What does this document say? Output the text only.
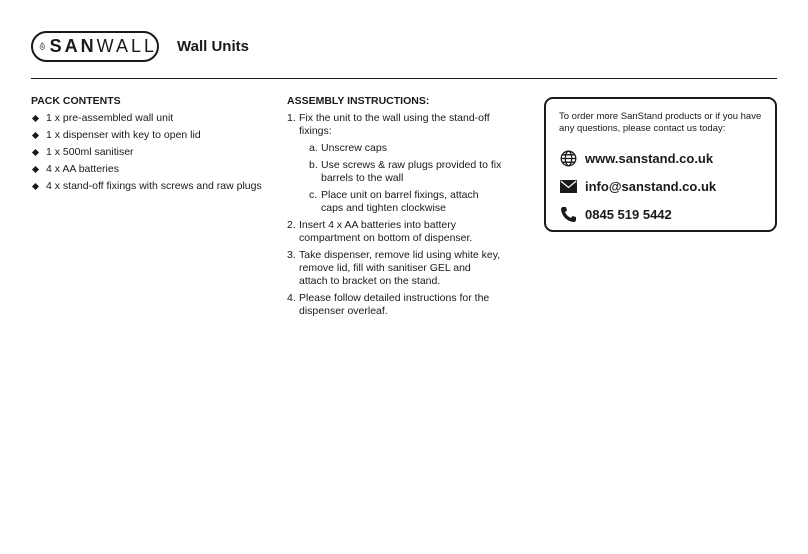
SANWALL Wall Units
PACK CONTENTS
1 x pre-assembled wall unit
1 x dispenser with key to open lid
1 x 500ml sanitiser
4 x AA batteries
4 x stand-off fixings with screws and raw plugs
ASSEMBLY INSTRUCTIONS:
1. Fix the unit to the wall using the stand-off fixings:
a. Unscrew caps
b. Use screws & raw plugs provided to fix barrels to the wall
c. Place unit on barrel fixings, attach caps and tighten clockwise
2. Insert 4 x AA batteries into battery compartment on bottom of dispenser.
3. Take dispenser, remove lid using white key, remove lid, fill with sanitiser GEL and attach to bracket on the stand.
4. Please follow detailed instructions for the dispenser overleaf.
To order more SanStand products or if you have any questions, please contact us today:
www.sanstand.co.uk
info@sanstand.co.uk
0845 519 5442
